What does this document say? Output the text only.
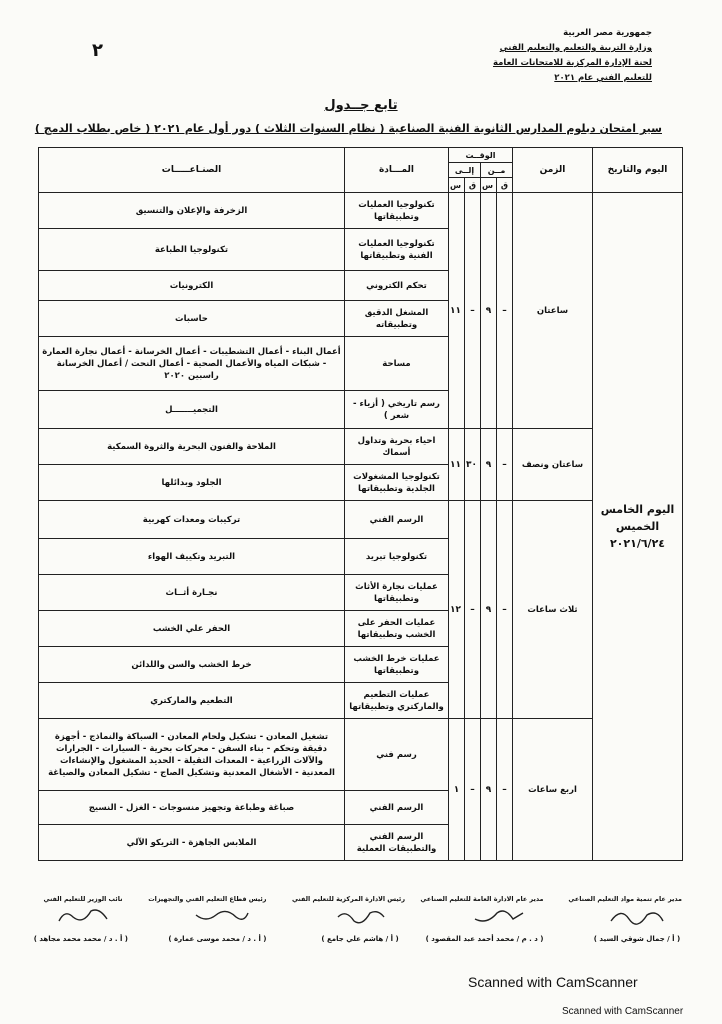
٢
جمهورية مصر العربية
وزارة التربية والتعليم والتعليم الفني
لجنة الإدارة المركزية للامتحانات العامة
للتعليم الفني عام ٢٠٢١
تابع جــدول
سير امتحان دبلوم المدارس الثانوية الفنية الصناعية ( نظام السنوات الثلاث ) دور أول عام ٢٠٢١ ( خاص بطلاب الدمج )
اليوم والتاريخ	الزمن	الوقــت				المـــادة	الصنـاعـــــات
		مــن		إلــى			
		ق	س	ق	س		

اليوم الخامس
الخميس
٢٠٢١/٦/٢٤	ساعتان	–	٩	–	١١	تكنولوجيا العمليات وتطبيقاتها	الزخرفة والإعلان والتنسيق
						تكنولوجيا العمليات الفنية وتطبيقاتها	تكنولوجيا الطباعة
						تحكم الكتروني	الكترونيات
						المشغل الدقيق وتطبيقاته	حاسبات
						مساحة	أعمال البناء - أعمال التشطيبات - أعمال الخرسانة - أعمال نجارة العمارة - شبكات المياه والأعمال الصحية - أعمال النحت / أعمال الخرسانة راسبين ٢٠٢٠
						رسم تاريخي ( أزياء - شعر )	التجميـــــــل
	ساعتان ونصف	–	٩	٣٠	١١	احياء بحرية وتداول أسماك	الملاحة والفنون البحرية والثروة السمكية
						تكنولوجيا المشغولات الجلدية وتطبيقاتها	الجلود وبدائلها
	ثلاث ساعات	–	٩	–	١٢	الرسم الفني	تركيبات ومعدات كهربية
						تكنولوجيا تبريد	التبريد وتكييف الهواء
						عمليات نجارة الأثاث وتطبيقاتها	نجـارة أثــاث
						عمليات الحفر على الخشب وتطبيقاتها	الحفر علي الخشب
						عمليات خرط الخشب وتطبيقاتها	خرط الخشب والسن واللدائن
						عمليات التطعيم والماركتري وتطبيقاتها	التطعيم والماركتري
	اربع ساعات	–	٩	–	١	رسم فني	تشغيل المعادن - تشكيل ولحام المعادن - السباكة والنماذج - أجهزة دقيقة وتحكم - بناء السفن - محركات بحرية - السيارات - الجرارات والآلات الزراعية - المعدات الثقيلة - الحديد المشغول والإنشاءات المعدنية - الأشغال المعدنية وتشكيل الصاج - تشكيل المعادن والصياغة
						الرسم الفني	صباغة وطباعة وتجهيز منسوجات - الغزل - النسيج
						الرسم الفني والتطبيقات العملية	الملابس الجاهزة - التريكو الآلي
مدير عام تنمية مواد التعليم الصناعي
( أ / جمال شوقي السيد )
مدير عام الادارة العامة للتعليم الصناعي
( د . م / محمد أحمد عبد المقصود )
رئيس الادارة المركزية للتعليم الفني
( أ / هاشم علي جامع )
رئيس قطاع التعليم الفني والتجهيزات
( أ . د / محمد موسى عمارة )
نائب الوزير للتعليم الفني
( أ . د / محمد محمد مجاهد )
Scanned with CamScanner
Scanned with CamScanner
